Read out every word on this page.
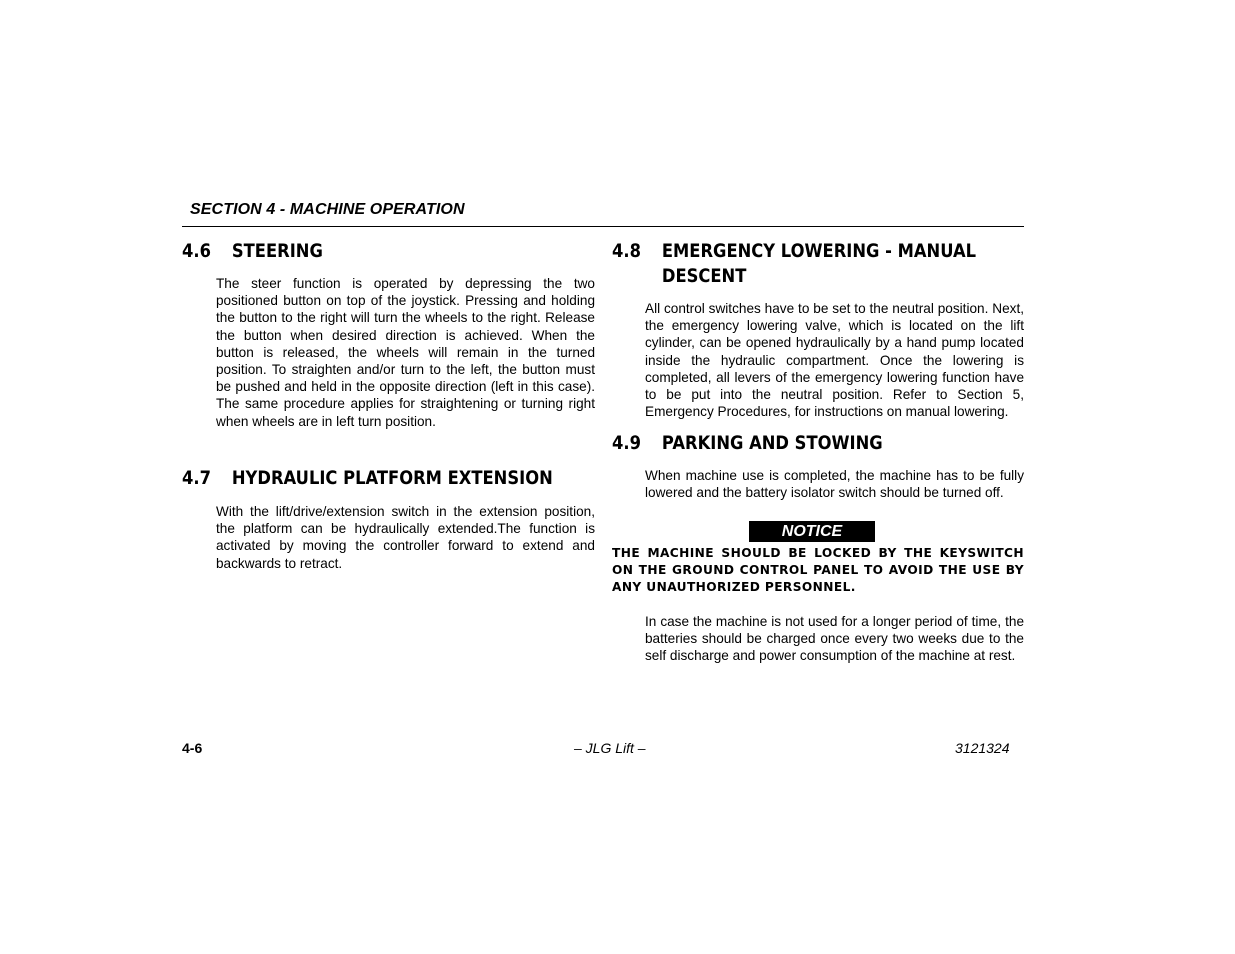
SECTION 4 - MACHINE OPERATION
4.6 STEERING

The steer function is operated by depressing the two positioned button on top of the joystick. Pressing and holding the button to the right will turn the wheels to the right. Release the button when desired direction is achieved. When the button is released, the wheels will remain in the turned position. To straighten and/or turn to the left, the button must be pushed and held in the opposite direction (left in this case). The same procedure applies for straightening or turning right when wheels are in left turn position.

4.7 HYDRAULIC PLATFORM EXTENSION

With the lift/drive/extension switch in the extension position, the platform can be hydraulically extended.The function is activated by moving the controller forward to extend and backwards to retract.

4.8 EMERGENCY LOWERING - MANUAL
DESCENT

All control switches have to be set to the neutral position. Next, the emergency lowering valve, which is located on the lift cylinder, can be opened hydraulically by a hand pump located inside the hydraulic compartment. Once the lowering is completed, all levers of the emergency lowering function have to be put into the neutral position. Refer to Section 5, Emergency Procedures, for instructions on manual lowering.

4.9 PARKING AND STOWING

When machine use is completed, the machine has to be fully lowered and the battery isolator switch should be turned off.

NOTICE
THE MACHINE SHOULD BE LOCKED BY THE KEYSWITCH ON THE GROUND CONTROL PANEL TO AVOID THE USE BY ANY UNAUTHORIZED PERSONNEL.

In case the machine is not used for a longer period of time, the batteries should be charged once every two weeks due to the self discharge and power consumption of the machine at rest.

4-6	– JLG Lift –	3121324
